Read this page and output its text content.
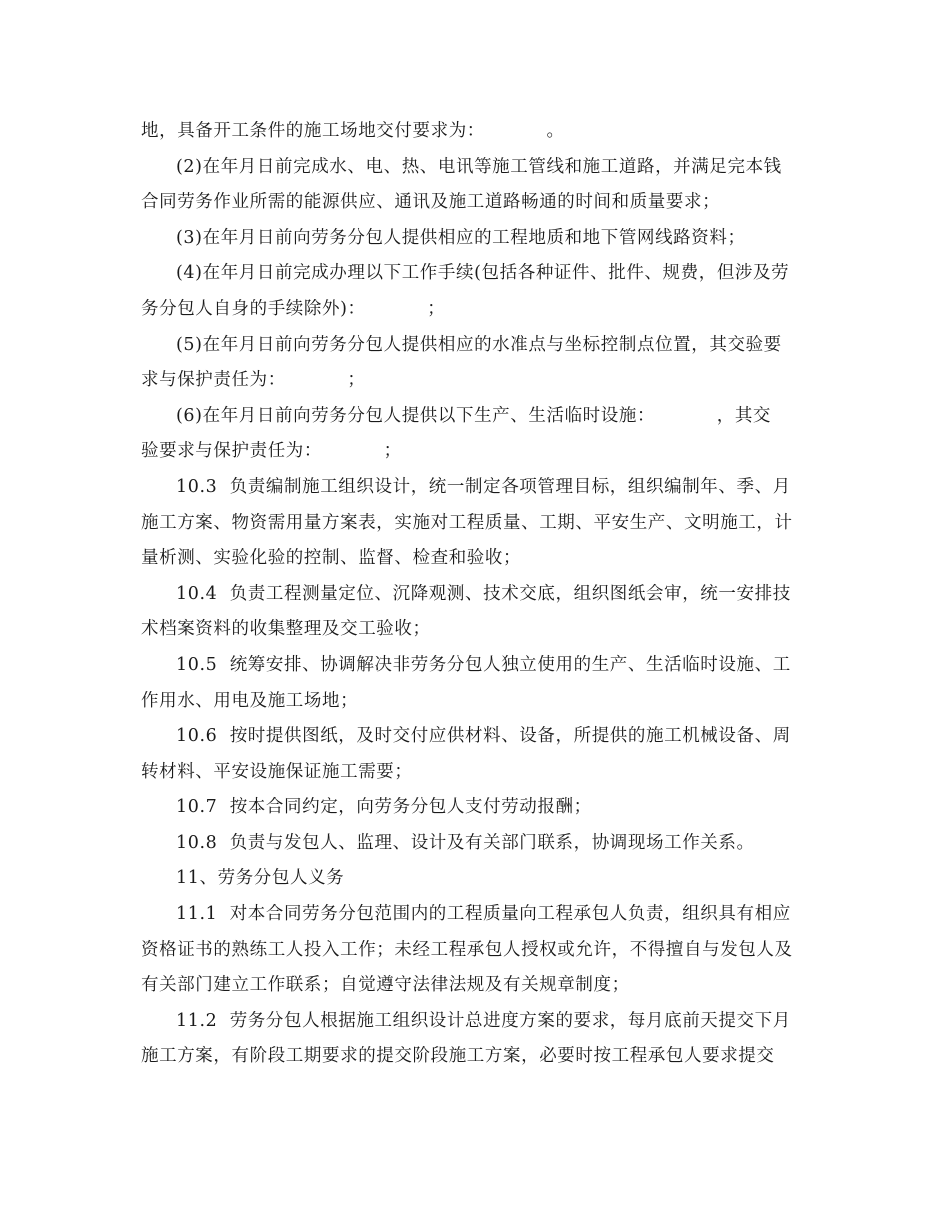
地，具备开工条件的施工场地交付要求为：          。

(2)在年月日前完成水、电、热、电讯等施工管线和施工道路，并满足完本钱
合同劳务作业所需的能源供应、通讯及施工道路畅通的时间和质量要求；

(3)在年月日前向劳务分包人提供相应的工程地质和地下管网线路资料；

(4)在年月日前完成办理以下工作手续(包括各种证件、批件、规费，但涉及劳
务分包人自身的手续除外)：          ；

(5)在年月日前向劳务分包人提供相应的水准点与坐标控制点位置，其交验要
求与保护责任为：          ；

(6)在年月日前向劳务分包人提供以下生产、生活临时设施：          ，其交
验要求与保护责任为：          ；

10.3  负责编制施工组织设计，统一制定各项管理目标，组织编制年、季、月
施工方案、物资需用量方案表，实施对工程质量、工期、平安生产、文明施工，计
量析测、实验化验的控制、监督、检查和验收；

10.4  负责工程测量定位、沉降观测、技术交底，组织图纸会审，统一安排技
术档案资料的收集整理及交工验收；

10.5  统筹安排、协调解决非劳务分包人独立使用的生产、生活临时设施、工
作用水、用电及施工场地；

10.6  按时提供图纸，及时交付应供材料、设备，所提供的施工机械设备、周
转材料、平安设施保证施工需要；

10.7  按本合同约定，向劳务分包人支付劳动报酬；

10.8  负责与发包人、监理、设计及有关部门联系，协调现场工作关系。

11、劳务分包人义务

11.1  对本合同劳务分包范围内的工程质量向工程承包人负责，组织具有相应
资格证书的熟练工人投入工作；未经工程承包人授权或允许，不得擅自与发包人及
有关部门建立工作联系；自觉遵守法律法规及有关规章制度；

11.2  劳务分包人根据施工组织设计总进度方案的要求，每月底前天提交下月
施工方案，有阶段工期要求的提交阶段施工方案，必要时按工程承包人要求提交
